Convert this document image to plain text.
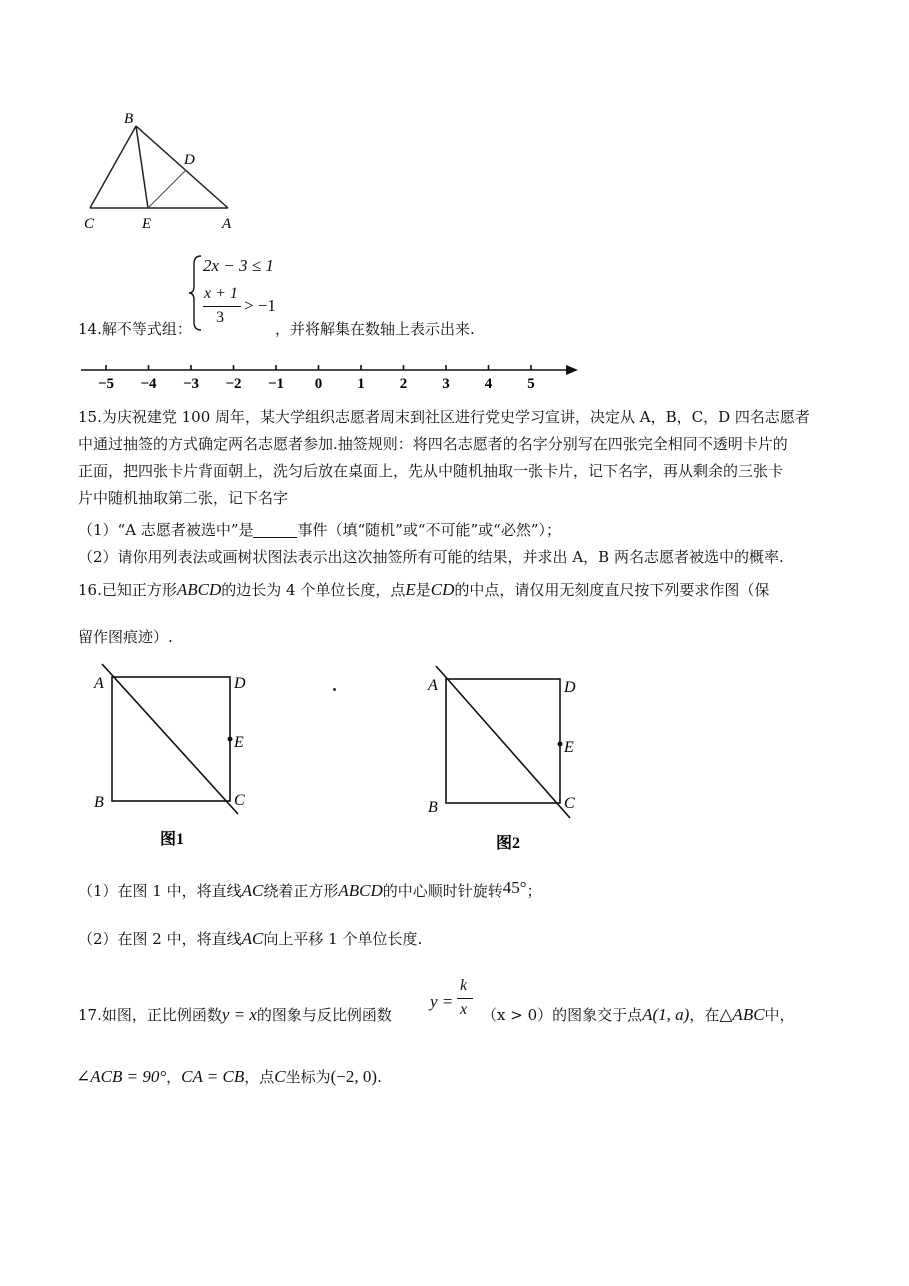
B
D
C	E	A
14.解不等式组：
2x − 3 ≤ 1
x + 1
3
> −1
，并将解集在数轴上表示出来.
−5 −4 −3 −2 −1 0 1 2 3 4 5
15.为庆祝建党 100 周年，某大学组织志愿者周末到社区进行党史学习宣讲，决定从 A，B，C，D 四名志愿者
中通过抽签的方式确定两名志愿者参加.抽签规则：将四名志愿者的名字分别写在四张完全相同不透明卡片的
正面，把四张卡片背面朝上，洗匀后放在桌面上，先从中随机抽取一张卡片，记下名字，再从剩余的三张卡
片中随机抽取第二张，记下名字
（1）“A 志愿者被选中”是	事件（填“随机”或“不可能”或“必然”）；
（2）请你用列表法或画树状图法表示出这次抽签所有可能的结果，并求出 A，B 两名志愿者被选中的概率.
16.已知正方形ABCD的边长为 4 个单位长度，点E是CD的中点，请仅用无刻度直尺按下列要求作图（保
留作图痕迹）.
A	D
E
B	C
图1
A	D
E
B	C
图2
（1）在图 1 中，将直线AC绕着正方形ABCD的中心顺时针旋转45°；
（2）在图 2 中，将直线AC向上平移 1 个单位长度.
17.如图，正比例函数y = x的图象与反比例函数
y =
k
x （x > 0）的图象交于点A(1, a)，在△ABC中，
∠ACB = 90°，CA = CB，点C坐标为(−2, 0).
